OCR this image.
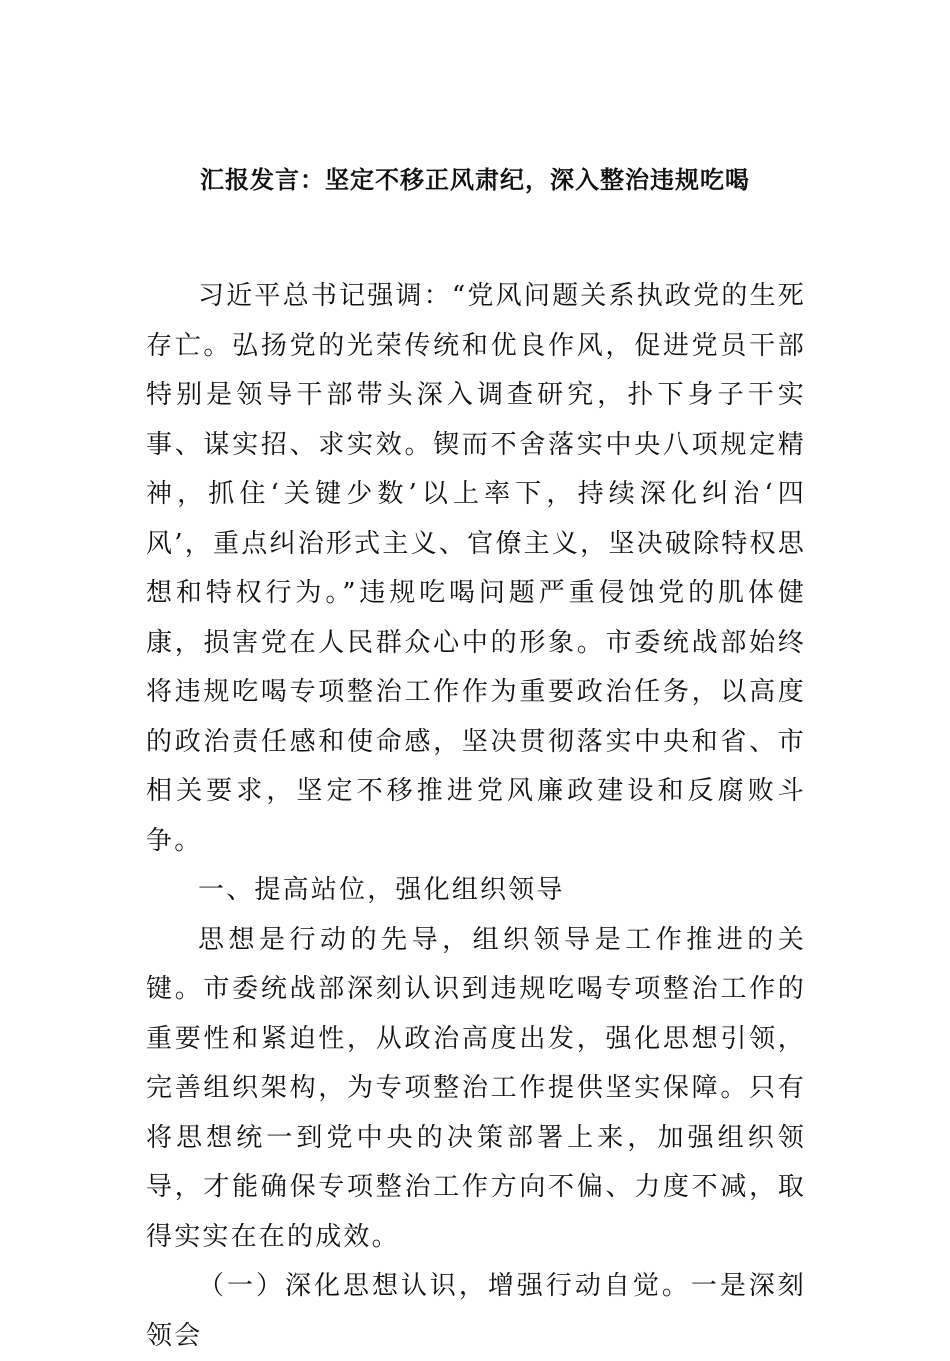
汇报发言：坚定不移正风肃纪，深入整治违规吃喝

习近平总书记强调：“党风问题关系执政党的生死存亡。弘扬党的光荣传统和优良作风，促进党员干部特别是领导干部带头深入调查研究，扑下身子干实事、谋实招、求实效。锲而不舍落实中央八项规定精神，抓住‘关键少数’以上率下，持续深化纠治‘四风’，重点纠治形式主义、官僚主义，坚决破除特权思想和特权行为。”违规吃喝问题严重侵蚀党的肌体健康，损害党在人民群众心中的形象。市委统战部始终将违规吃喝专项整治工作作为重要政治任务，以高度的政治责任感和使命感，坚决贯彻落实中央和省、市相关要求，坚定不移推进党风廉政建设和反腐败斗争。

一、提高站位，强化组织领导

思想是行动的先导，组织领导是工作推进的关键。市委统战部深刻认识到违规吃喝专项整治工作的重要性和紧迫性，从政治高度出发，强化思想引领，完善组织架构，为专项整治工作提供坚实保障。只有将思想统一到党中央的决策部署上来，加强组织领导，才能确保专项整治工作方向不偏、力度不减，取得实实在在的成效。

（一）深化思想认识，增强行动自觉。一是深刻领会
